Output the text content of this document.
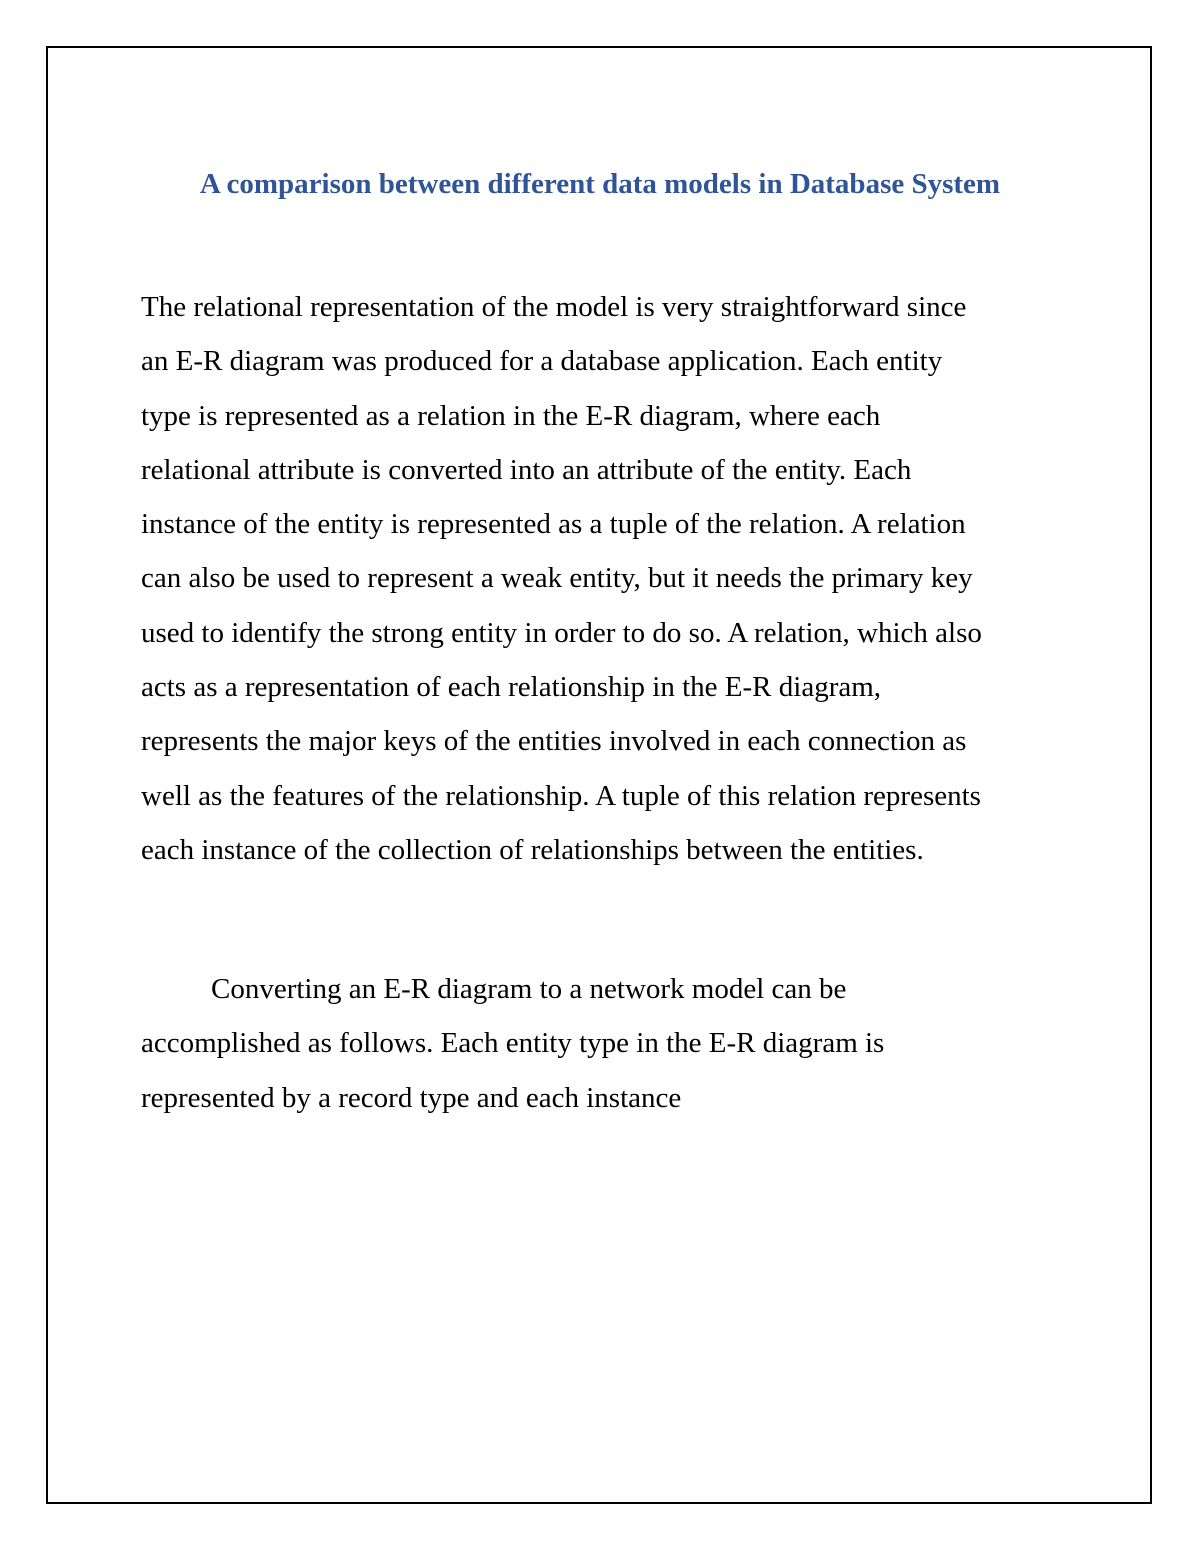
A comparison between different data models in Database System

The relational representation of the model is very straightforward since
an E-R diagram was produced for a database application. Each entity
type is represented as a relation in the E-R diagram, where each
relational attribute is converted into an attribute of the entity. Each
instance of the entity is represented as a tuple of the relation. A relation
can also be used to represent a weak entity, but it needs the primary key
used to identify the strong entity in order to do so. A relation, which also
acts as a representation of each relationship in the E-R diagram,
represents the major keys of the entities involved in each connection as
well as the features of the relationship. A tuple of this relation represents
each instance of the collection of relationships between the entities.

Converting an E-R diagram to a network model can be
accomplished as follows. Each entity type in the E-R diagram is
represented by a record type and each instance
